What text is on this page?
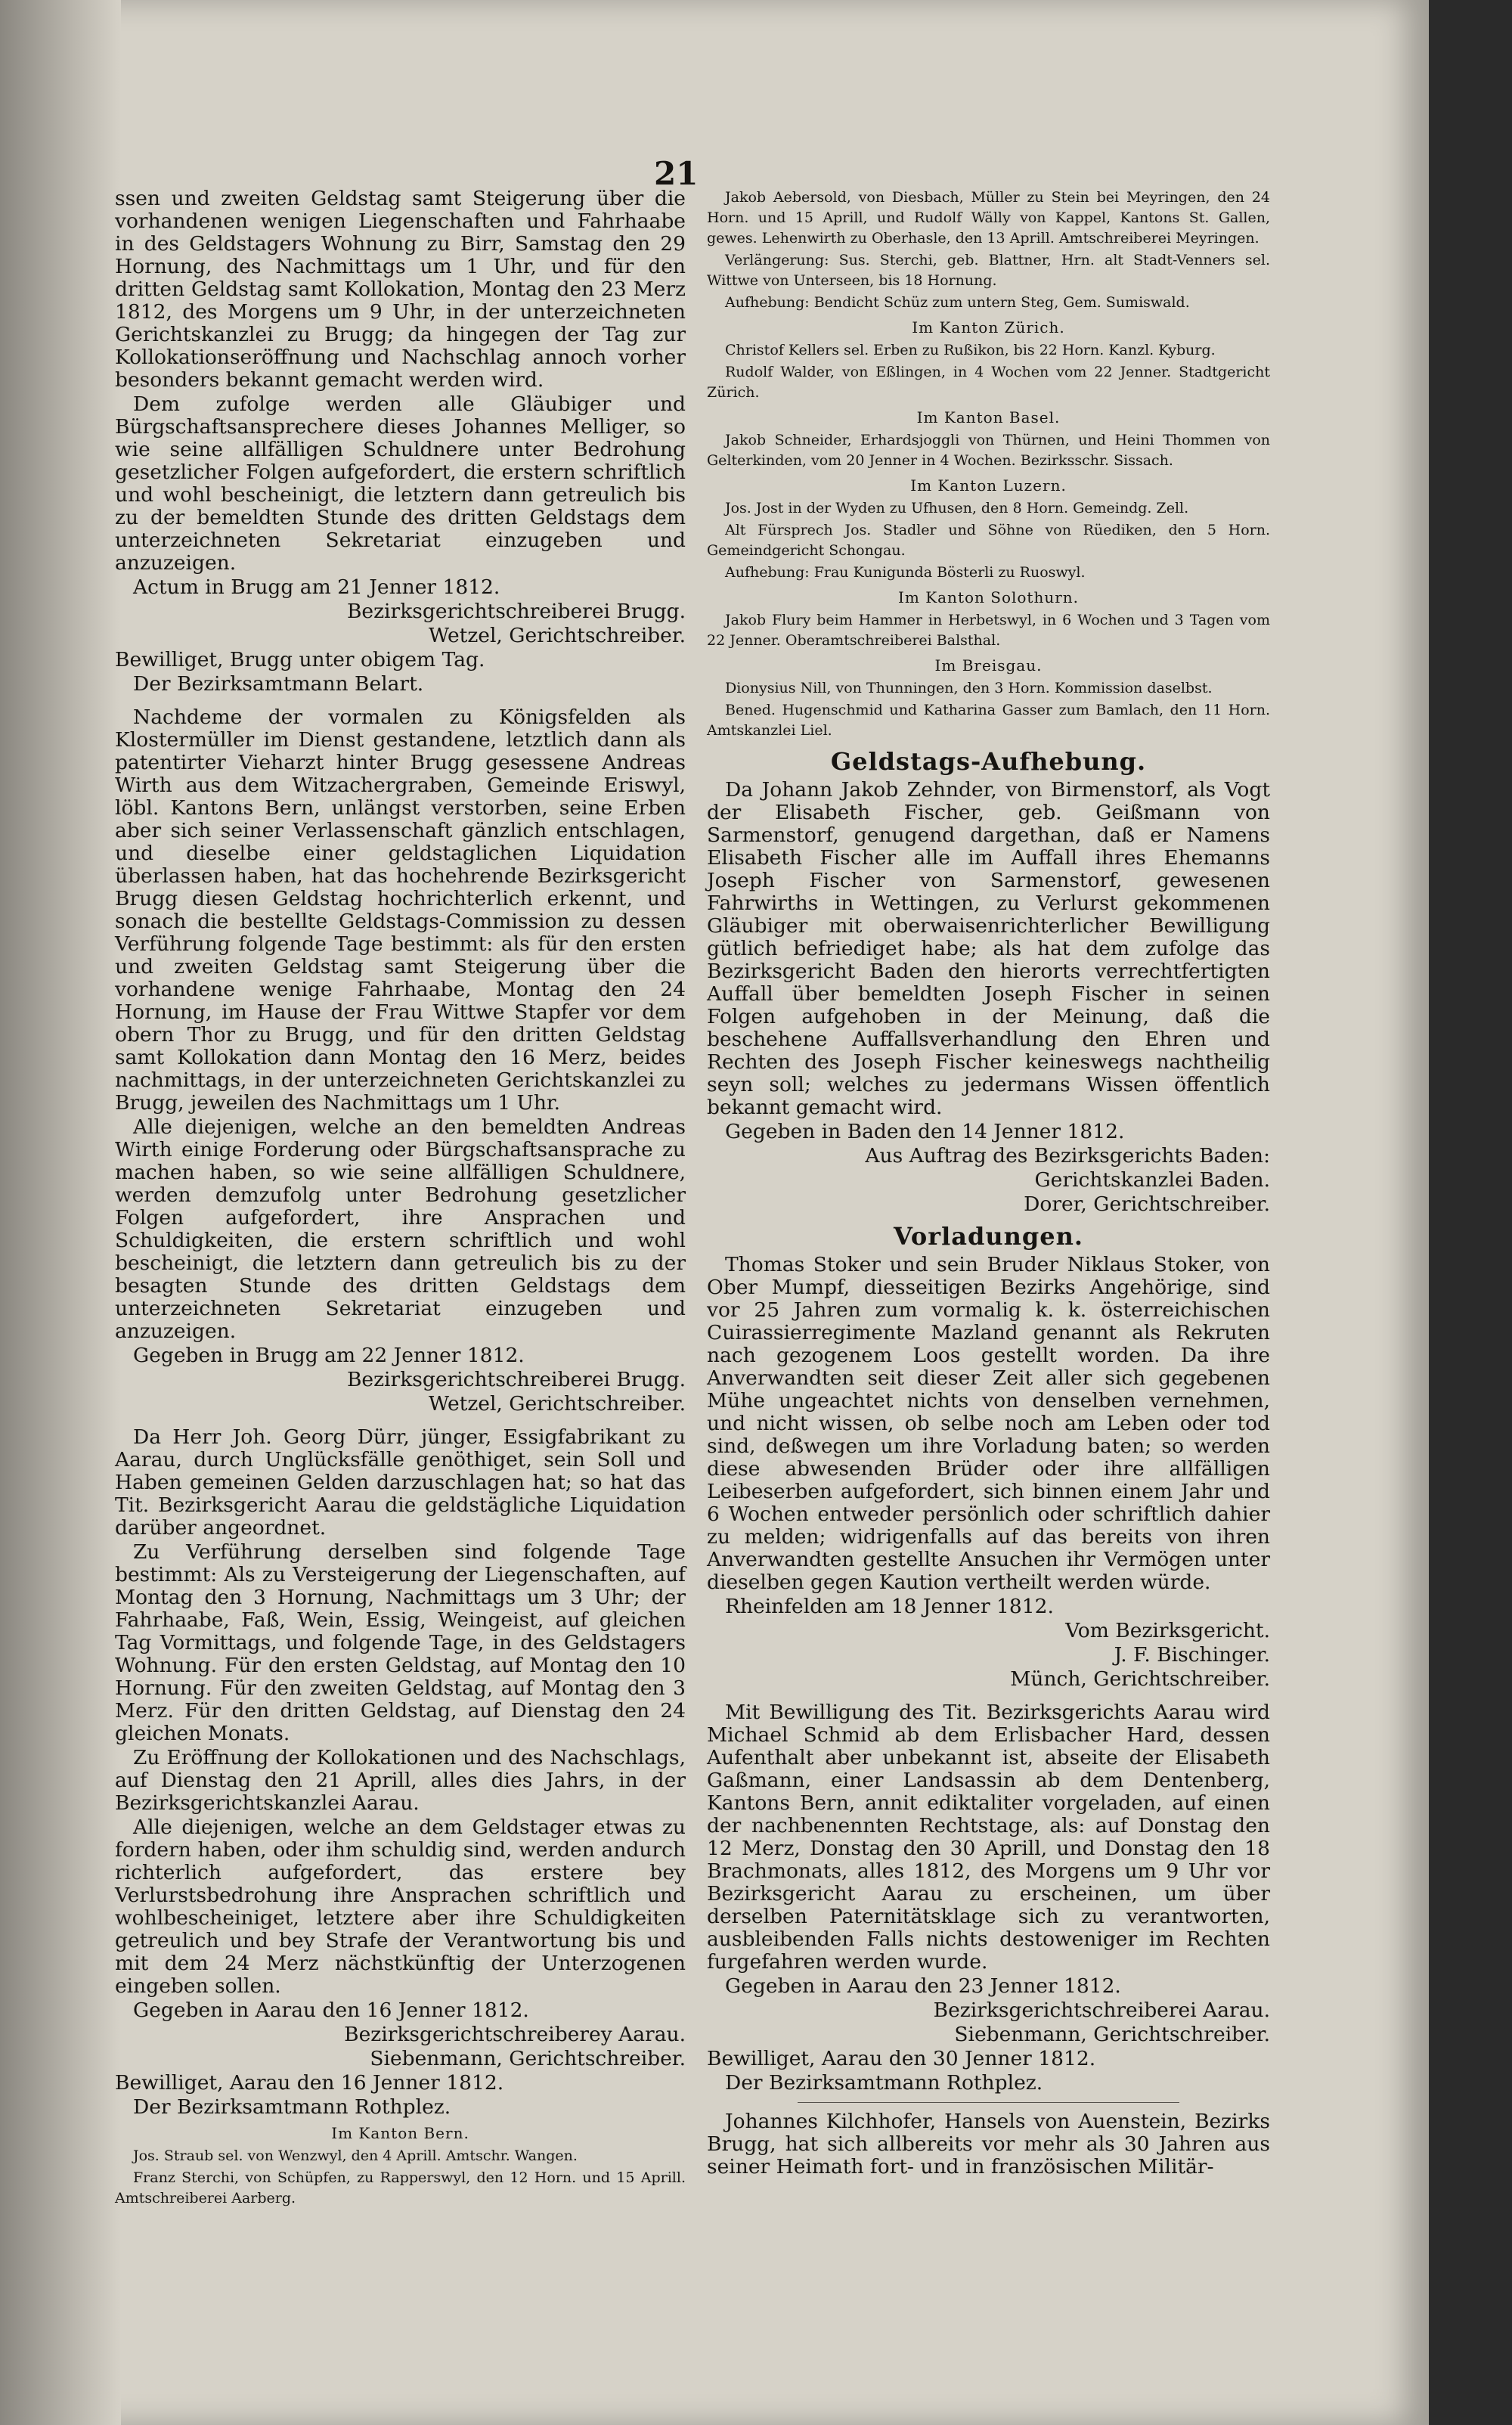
21

ssen und zweiten Geldstag samt Steigerung über die vorhandenen wenigen Liegenschaften und Fahrhaabe in des Geldstagers Wohnung zu Birr, Samstag den 29 Hornung, des Nachmittags um 1 Uhr, und für den dritten Geldstag samt Kollokation, Montag den 23 Merz 1812, des Morgens um 9 Uhr, in der unterzeichneten Gerichtskanzlei zu Brugg; da hingegen der Tag zur Kollokationseröffnung und Nachschlag annoch vorher besonders bekannt gemacht werden wird.

Dem zufolge werden alle Gläubiger und Bürgschaftsansprechere dieses Johannes Melliger, so wie seine allfälligen Schuldnere unter Bedrohung gesetzlicher Folgen aufgefordert, die erstern schriftlich und wohl bescheinigt, die letztern dann getreulich bis zu der bemeldten Stunde des dritten Geldstags dem unterzeichneten Sekretariat einzugeben und anzuzeigen.

Actum in Brugg am 21 Jenner 1812.

Bezirksgerichtschreiberei Brugg.

Wetzel, Gerichtschreiber.

Bewilliget, Brugg unter obigem Tag.

Der Bezirksamtmann Belart.

Nachdeme der vormalen zu Königsfelden als Klostermüller im Dienst gestandene, letztlich dann als patentirter Vieharzt hinter Brugg gesessene Andreas Wirth aus dem Witzachergraben, Gemeinde Eriswyl, löbl. Kantons Bern, unlängst verstorben, seine Erben aber sich seiner Verlassenschaft gänzlich entschlagen, und dieselbe einer geldstaglichen Liquidation überlassen haben, hat das hochehrende Bezirksgericht Brugg diesen Geldstag hochrichterlich erkennt, und sonach die bestellte Geldstags-Commission zu dessen Verführung folgende Tage bestimmt: als für den ersten und zweiten Geldstag samt Steigerung über die vorhandene wenige Fahrhaabe, Montag den 24 Hornung, im Hause der Frau Wittwe Stapfer vor dem obern Thor zu Brugg, und für den dritten Geldstag samt Kollokation dann Montag den 16 Merz, beides nachmittags, in der unterzeichneten Gerichtskanzlei zu Brugg, jeweilen des Nachmittags um 1 Uhr.

Alle diejenigen, welche an den bemeldten Andreas Wirth einige Forderung oder Bürgschaftsansprache zu machen haben, so wie seine allfälligen Schuldnere, werden demzufolg unter Bedrohung gesetzlicher Folgen aufgefordert, ihre Ansprachen und Schuldigkeiten, die erstern schriftlich und wohl bescheinigt, die letztern dann getreulich bis zu der besagten Stunde des dritten Geldstags dem unterzeichneten Sekretariat einzugeben und anzuzeigen.

Gegeben in Brugg am 22 Jenner 1812.

Bezirksgerichtschreiberei Brugg.

Wetzel, Gerichtschreiber.

Da Herr Joh. Georg Dürr, jünger, Essigfabrikant zu Aarau, durch Unglücksfälle genöthiget, sein Soll und Haben gemeinen Gelden darzuschlagen hat; so hat das Tit. Bezirksgericht Aarau die geldstägliche Liquidation darüber angeordnet.

Zu Verführung derselben sind folgende Tage bestimmt: Als zu Versteigerung der Liegenschaften, auf Montag den 3 Hornung, Nachmittags um 3 Uhr; der Fahrhaabe, Faß, Wein, Essig, Weingeist, auf gleichen Tag Vormittags, und folgende Tage, in des Geldstagers Wohnung. Für den ersten Geldstag, auf Montag den 10 Hornung. Für den zweiten Geldstag, auf Montag den 3 Merz. Für den dritten Geldstag, auf Dienstag den 24 gleichen Monats.

Zu Eröffnung der Kollokationen und des Nachschlags, auf Dienstag den 21 Aprill, alles dies Jahrs, in der Bezirksgerichtskanzlei Aarau.

Alle diejenigen, welche an dem Geldstager etwas zu fordern haben, oder ihm schuldig sind, werden andurch richterlich aufgefordert, das erstere bey Verlurstsbedrohung ihre Ansprachen schriftlich und wohlbescheiniget, letztere aber ihre Schuldigkeiten getreulich und bey Strafe der Verantwortung bis und mit dem 24 Merz nächstkünftig der Unterzogenen eingeben sollen.

Gegeben in Aarau den 16 Jenner 1812.

Bezirksgerichtschreiberey Aarau.

Siebenmann, Gerichtschreiber.

Bewilliget, Aarau den 16 Jenner 1812.

Der Bezirksamtmann Rothplez.

Im Kanton Bern.

Jos. Straub sel. von Wenzwyl, den 4 Aprill. Amtschr. Wangen.

Franz Sterchi, von Schüpfen, zu Rapperswyl, den 12 Horn. und 15 Aprill. Amtschreiberei Aarberg.

Jakob Aebersold, von Diesbach, Müller zu Stein bei Meyringen, den 24 Horn. und 15 Aprill, und Rudolf Wälly von Kappel, Kantons St. Gallen, gewes. Lehenwirth zu Oberhasle, den 13 Aprill. Amtschreiberei Meyringen.

Verlängerung: Sus. Sterchi, geb. Blattner, Hrn. alt Stadt-Venners sel. Wittwe von Unterseen, bis 18 Hornung.

Aufhebung: Bendicht Schüz zum untern Steg, Gem. Sumiswald.

Im Kanton Zürich.

Christof Kellers sel. Erben zu Rußikon, bis 22 Horn. Kanzl. Kyburg.

Rudolf Walder, von Eßlingen, in 4 Wochen vom 22 Jenner. Stadtgericht Zürich.

Im Kanton Basel.

Jakob Schneider, Erhardsjoggli von Thürnen, und Heini Thommen von Gelterkinden, vom 20 Jenner in 4 Wochen. Bezirksschr. Sissach.

Im Kanton Luzern.

Jos. Jost in der Wyden zu Ufhusen, den 8 Horn. Gemeindg. Zell.

Alt Fürsprech Jos. Stadler und Söhne von Rüediken, den 5 Horn. Gemeindgericht Schongau.

Aufhebung: Frau Kunigunda Bösterli zu Ruoswyl.

Im Kanton Solothurn.

Jakob Flury beim Hammer in Herbetswyl, in 6 Wochen und 3 Tagen vom 22 Jenner. Oberamtschreiberei Balsthal.

Im Breisgau.

Dionysius Nill, von Thunningen, den 3 Horn. Kommission daselbst.

Bened. Hugenschmid und Katharina Gasser zum Bamlach, den 11 Horn. Amtskanzlei Liel.

Geldstags-Aufhebung.

Da Johann Jakob Zehnder, von Birmenstorf, als Vogt der Elisabeth Fischer, geb. Geißmann von Sarmenstorf, genugend dargethan, daß er Namens Elisabeth Fischer alle im Auffall ihres Ehemanns Joseph Fischer von Sarmenstorf, gewesenen Fahrwirths in Wettingen, zu Verlurst gekommenen Gläubiger mit oberwaisenrichterlicher Bewilligung gütlich befriediget habe; als hat dem zufolge das Bezirksgericht Baden den hierorts verrechtfertigten Auffall über bemeldten Joseph Fischer in seinen Folgen aufgehoben in der Meinung, daß die beschehene Auffallsverhandlung den Ehren und Rechten des Joseph Fischer keineswegs nachtheilig seyn soll; welches zu jedermans Wissen öffentlich bekannt gemacht wird.

Gegeben in Baden den 14 Jenner 1812.

Aus Auftrag des Bezirksgerichts Baden:

Gerichtskanzlei Baden.

Dorer, Gerichtschreiber.

Vorladungen.

Thomas Stoker und sein Bruder Niklaus Stoker, von Ober Mumpf, diesseitigen Bezirks Angehörige, sind vor 25 Jahren zum vormalig k. k. österreichischen Cuirassierregimente Mazland genannt als Rekruten nach gezogenem Loos gestellt worden. Da ihre Anverwandten seit dieser Zeit aller sich gegebenen Mühe ungeachtet nichts von denselben vernehmen, und nicht wissen, ob selbe noch am Leben oder tod sind, deßwegen um ihre Vorladung baten; so werden diese abwesenden Brüder oder ihre allfälligen Leibeserben aufgefordert, sich binnen einem Jahr und 6 Wochen entweder persönlich oder schriftlich dahier zu melden; widrigenfalls auf das bereits von ihren Anverwandten gestellte Ansuchen ihr Vermögen unter dieselben gegen Kaution vertheilt werden würde.

Rheinfelden am 18 Jenner 1812.

Vom Bezirksgericht.

J. F. Bischinger.

Münch, Gerichtschreiber.

Mit Bewilligung des Tit. Bezirksgerichts Aarau wird Michael Schmid ab dem Erlisbacher Hard, dessen Aufenthalt aber unbekannt ist, abseite der Elisabeth Gaßmann, einer Landsassin ab dem Dentenberg, Kantons Bern, annit ediktaliter vorgeladen, auf einen der nachbenennten Rechtstage, als: auf Donstag den 12 Merz, Donstag den 30 Aprill, und Donstag den 18 Brachmonats, alles 1812, des Morgens um 9 Uhr vor Bezirksgericht Aarau zu erscheinen, um über derselben Paternitätsklage sich zu verantworten, ausbleibenden Falls nichts destoweniger im Rechten furgefahren werden wurde.

Gegeben in Aarau den 23 Jenner 1812.

Bezirksgerichtschreiberei Aarau.

Siebenmann, Gerichtschreiber.

Bewilliget, Aarau den 30 Jenner 1812.

Der Bezirksamtmann Rothplez.

Johannes Kilchhofer, Hansels von Auenstein, Bezirks Brugg, hat sich allbereits vor mehr als 30 Jahren aus seiner Heimath fort- und in französischen Militär-
